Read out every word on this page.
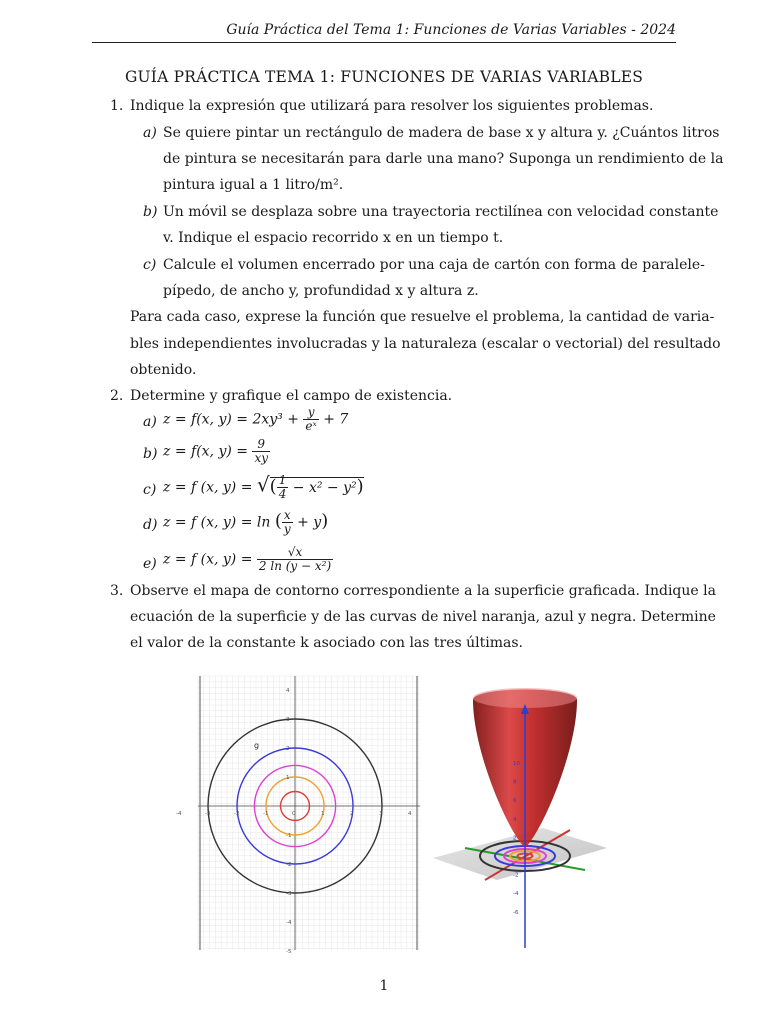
Guía Práctica del Tema 1: Funciones de Varias Variables - 2024
GUÍA PRÁCTICA TEMA 1: FUNCIONES DE VARIAS VARIABLES
1. Indique la expresión que utilizará para resolver los siguientes problemas.
a) Se quiere pintar un rectángulo de madera de base x y altura y. ¿Cuántos litros
de pintura se necesitarán para darle una mano? Suponga un rendimiento de la
pintura igual a 1 litro/m².
b) Un móvil se desplaza sobre una trayectoria rectilínea con velocidad constante
v. Indique el espacio recorrido x en un tiempo t.
c) Calcule el volumen encerrado por una caja de cartón con forma de paralele-
pípedo, de ancho y, profundidad x y altura z.
Para cada caso, exprese la función que resuelve el problema, la cantidad de varia-
bles independientes involucradas y la naturaleza (escalar o vectorial) del resultado
obtenido.
2. Determine y grafique el campo de existencia.
a) z = f(x, $y) = 2xy^3 + \frac{y}{\text{eˣ}} + 7$
b) z = f(x, $y) = \frac{9}{xy}$
c) z = f (x, y) = √( $\frac{1}{4} - x^2 - y^2$)
d) z = f (x, y) = ln ( $\frac{x}{y} + y$)
e) z = f (x, $y) = \frac{√x}{\text{2 ln (y − x²)}}$
3. Observe el mapa de contorno correspondiente a la superficie graficada. Indique la
ecuación de la superficie y de las curvas de nivel naranja, azul y negra. Determine
el valor de la constante k asociado con las tres últimas.
-4	-3	-2	-1	0	1	2	3	4
4
3
2
1
-1
-2
-3
-4
-5
g
10
8
6
4
2
-2
-4
-6
1
